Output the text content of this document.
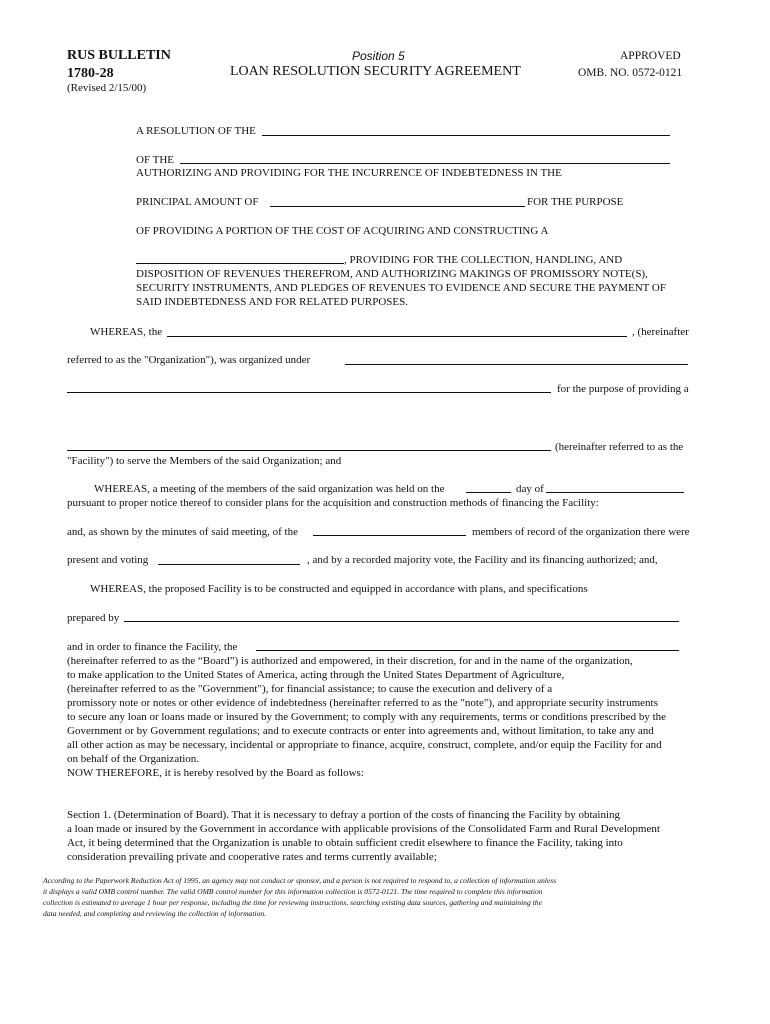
RUS BULLETIN
1780-28
(Revised 2/15/00)
Position 5
LOAN RESOLUTION SECURITY AGREEMENT
APPROVED
OMB. NO. 0572-0121
A RESOLUTION OF THE
OF THE
AUTHORIZING AND PROVIDING FOR THE INCURRENCE OF INDEBTEDNESS IN THE
PRINCIPAL AMOUNT OF	FOR THE PURPOSE
OF PROVIDING A PORTION OF THE COST OF ACQUIRING AND CONSTRUCTING A
, PROVIDING FOR THE COLLECTION, HANDLING, AND
DISPOSITION OF REVENUES THEREFROM, AND AUTHORIZING MAKINGS OF PROMISSORY NOTE(S),
SECURITY INSTRUMENTS, AND PLEDGES OF REVENUES TO EVIDENCE AND SECURE THE PAYMENT OF
SAID INDEBTEDNESS AND FOR RELATED PURPOSES.
WHEREAS, the	, (hereinafter
referred to as the "Organization"), was organized under
for the purpose of providing a
(hereinafter referred to as the
"Facility") to serve the Members of the said Organization; and
WHEREAS, a meeting of the members of the said organization was held on the	day of
pursuant to proper notice thereof to consider plans for the acquisition and construction methods of financing the Facility:
and, as shown by the minutes of said meeting, of the	members of record of the organization there were
present and voting	, and by a recorded majority vote, the Facility and its financing authorized; and,
WHEREAS, the proposed Facility is to be constructed and equipped in accordance with plans, and specifications
prepared by
and in order to finance the Facility, the
(hereinafter referred to as the “Board”) is authorized and empowered, in their discretion, for and in the name of the organization,
to make application to the United States of America, acting through the United States Department of Agriculture,
(hereinafter referred to as the "Government"), for financial assistance; to cause the execution and delivery of a
promissory note or notes or other evidence of indebtedness (hereinafter referred to as the "note"), and appropriate security instruments
to secure any loan or loans made or insured by the Government; to comply with any requirements, terms or conditions prescribed by the
Government or by Government regulations; and to execute contracts or enter into agreements and, without limitation, to take any and
all other action as may be necessary, incidental or appropriate to finance, acquire, construct, complete, and/or equip the Facility for and
on behalf of the Organization.
NOW THEREFORE, it is hereby resolved by the Board as follows:
Section 1. (Determination of Board). That it is necessary to defray a portion of the costs of financing the Facility by obtaining
a loan made or insured by the Government in accordance with applicable provisions of the Consolidated Farm and Rural Development
Act, it being determined that the Organization is unable to obtain sufficient credit elsewhere to finance the Facility, taking into
consideration prevailing private and cooperative rates and terms currently available;
According to the Paperwork Reduction Act of 1995, an agency may not conduct or sponsor, and a person is not required to respond to, a collection of information unless
it displays a valid OMB control number. The valid OMB control number for this information collection is 0572-0121. The time required to complete this information
collection is estimated to average 1 hour per response, including the time for reviewing instructions, searching existing data sources, gathering and maintaining the
data needed, and completing and reviewing the collection of information.
